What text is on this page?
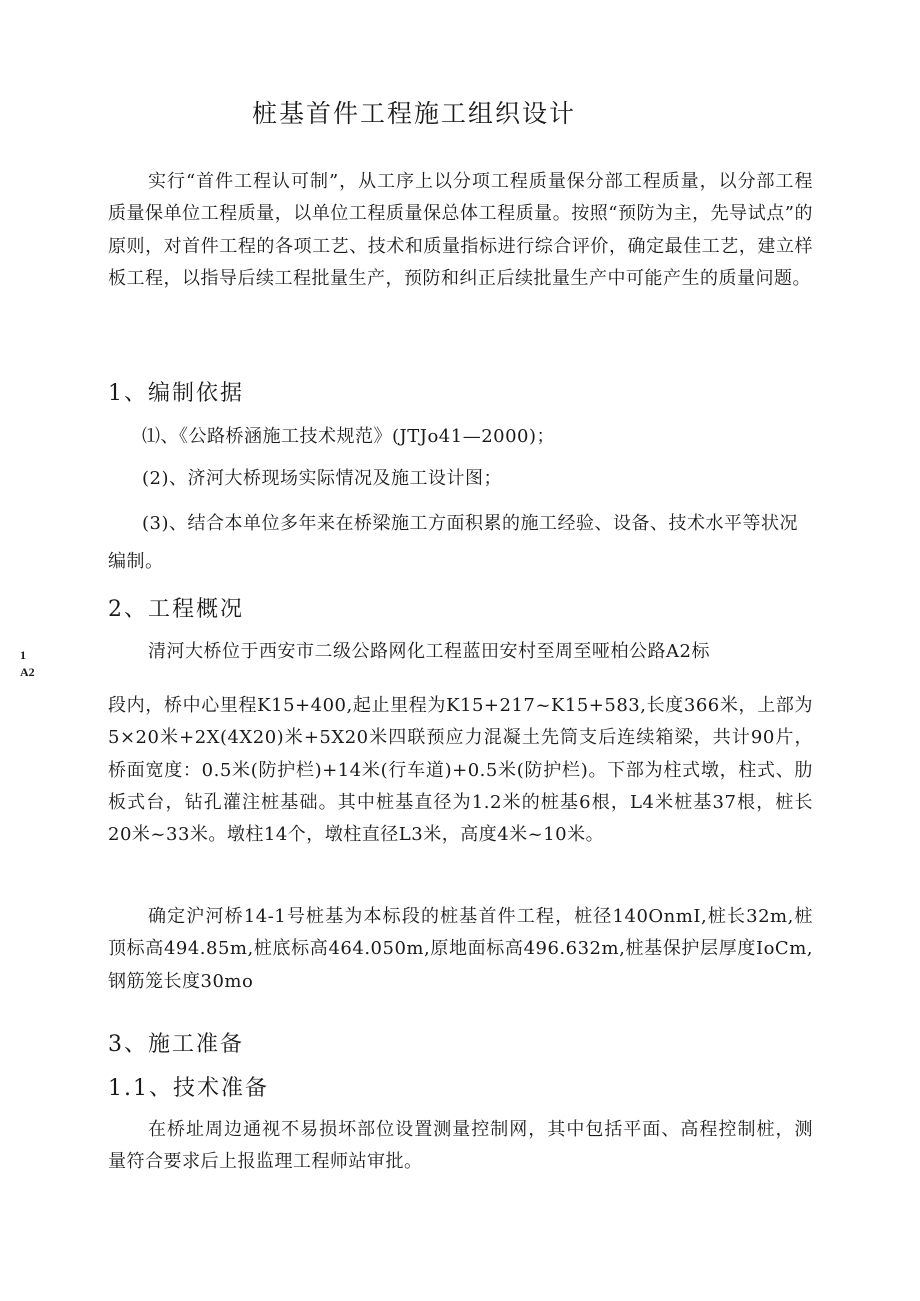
桩基首件工程施工组织设计

实行“首件工程认可制”，从工序上以分项工程质量保分部工程质量，以分部工程质量保单位工程质量，以单位工程质量保总体工程质量。按照“预防为主，先导试点”的原则，对首件工程的各项工艺、技术和质量指标进行综合评价，确定最佳工艺，建立样板工程，以指导后续工程批量生产，预防和纠正后续批量生产中可能产生的质量问题。

1、编制依据

⑴、《公路桥涵施工技术规范》(JTJo41—2000)；

(2)、济河大桥现场实际情况及施工设计图；

(3)、结合本单位多年来在桥梁施工方面积累的施工经验、设备、技术水平等状况编制。

2、工程概况

1
A2

清河大桥位于西安市二级公路网化工程蓝田安村至周至哑柏公路A2标

段内，桥中心里程K15+400,起止里程为K15+217~K15+583,长度366米，上部为5×20米+2X(4X20)米+5X20米四联预应力混凝土先筒支后连续箱梁，共计90片，桥面宽度：0.5米(防护栏)+14米(行车道)+0.5米(防护栏)。下部为柱式墩，柱式、肋板式台，钻孔灌注桩基础。其中桩基直径为1.2米的桩基6根，L4米桩基37根，桩长20米~33米。墩柱14个，墩柱直径L3米，高度4米~10米。

确定沪河桥14-1号桩基为本标段的桩基首件工程，桩径140OnmI,桩长32m,桩顶标高494.85m,桩底标高464.050m,原地面标高496.632m,桩基保护层厚度IoCm,钢筋笼长度30mo

3、施工准备

1.1、技术准备

在桥址周边通视不易损坏部位设置测量控制网，其中包括平面、高程控制桩，测量符合要求后上报监理工程师站审批。
